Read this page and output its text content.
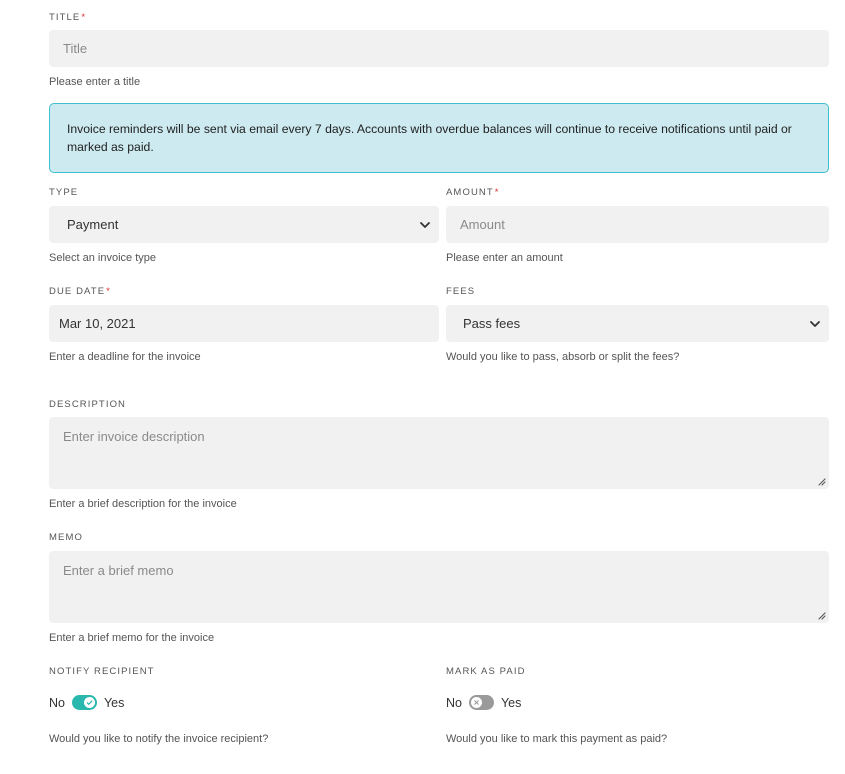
TITLE*
Title
Please enter a title
Invoice reminders will be sent via email every 7 days. Accounts with overdue balances will continue to receive notifications until paid or marked as paid.
TYPE
Payment
Select an invoice type
AMOUNT*
Amount
Please enter an amount
DUE DATE*
Mar 10, 2021
Enter a deadline for the invoice
FEES
Pass fees
Would you like to pass, absorb or split the fees?
DESCRIPTION
Enter invoice description
Enter a brief description for the invoice
MEMO
Enter a brief memo
Enter a brief memo for the invoice
NOTIFY RECIPIENT
No	Yes
Would you like to notify the invoice recipient?
MARK AS PAID
No	Yes
Would you like to mark this payment as paid?
